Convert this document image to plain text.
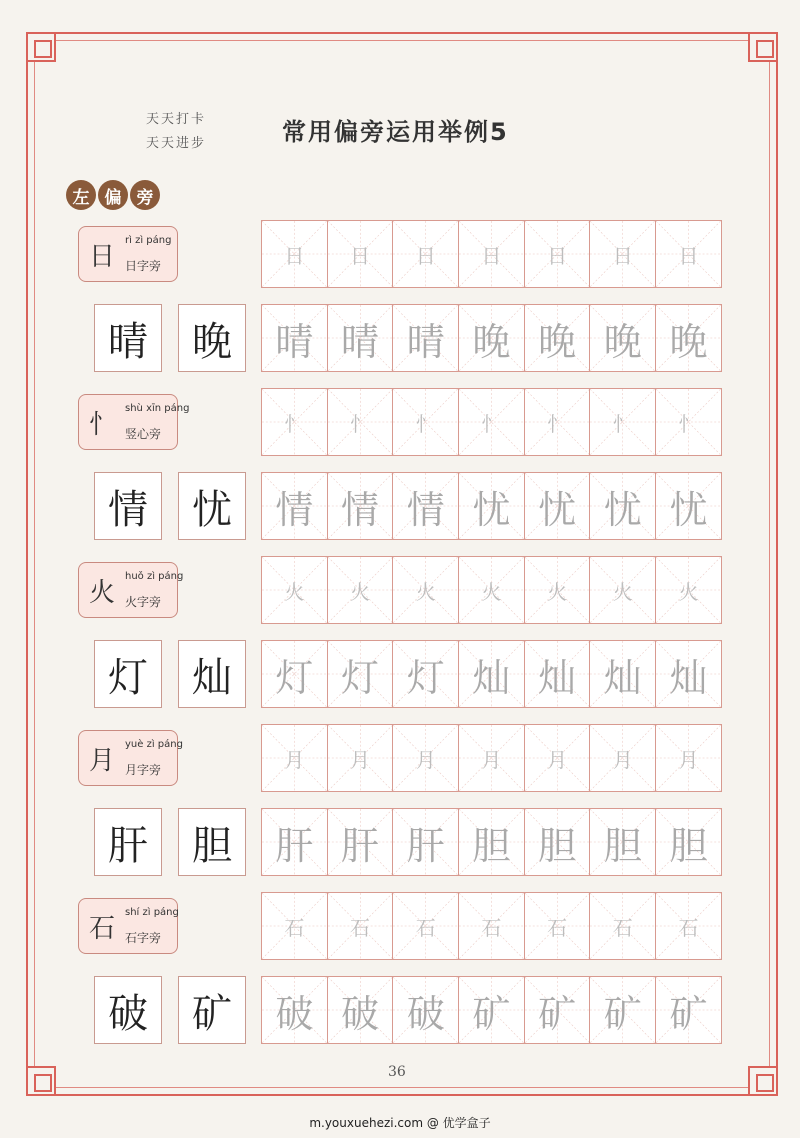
天天打卡
天天进步	常用偏旁运用举例5
左 偏 旁
日
rì zì páng
日字旁	日 日 日 日 日 日 日
晴	晚	晴 晴 晴 晚 晚 晚 晚
忄
shù xīn páng
竖心旁	忄 忄 忄 忄 忄 忄 忄
情	忧	情 情 情 忧 忧 忧 忧
火
huǒ zì páng
火字旁	火 火 火 火 火 火 火
灯	灿	灯 灯 灯 灿 灿 灿 灿
月
yuè zì páng
月字旁	月 月 月 月 月 月 月
肝	胆	肝 肝 肝 胆 胆 胆 胆
石
shí zì páng
石字旁	石 石 石 石 石 石 石
破	矿	破 破 破 矿 矿 矿 矿
36
m.youxuehezi.com @ 优学盒子
